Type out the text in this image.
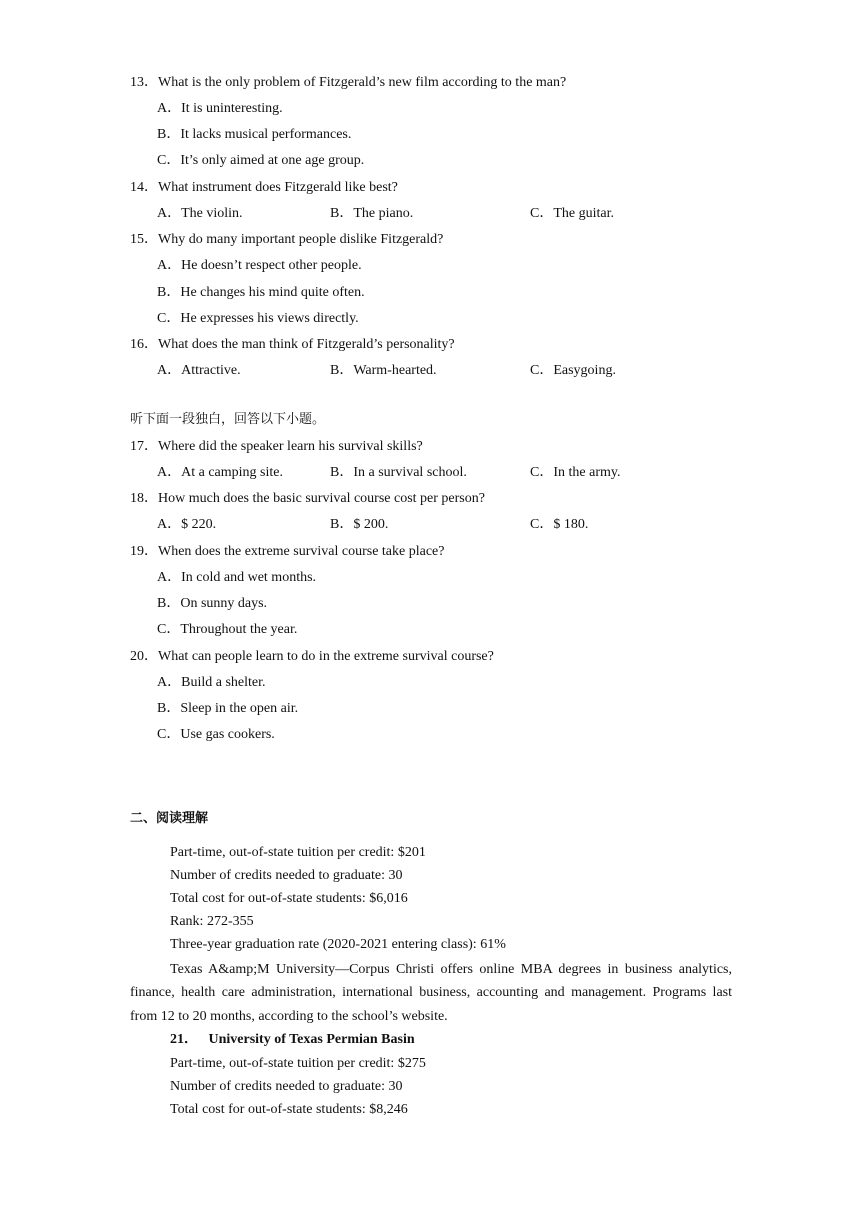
13．What is the only problem of Fitzgerald’s new film according to the man?
A．It is uninteresting.
B．It lacks musical performances.
C．It’s only aimed at one age group.
14．What instrument does Fitzgerald like best?
A．The violin.	B．The piano.	C．The guitar.
15．Why do many important people dislike Fitzgerald?
A．He doesn’t respect other people.
B．He changes his mind quite often.
C．He expresses his views directly.
16．What does the man think of Fitzgerald’s personality?
A．Attractive.	B．Warm-hearted.	C．Easygoing.
听下面一段独白，回答以下小题。
17．Where did the speaker learn his survival skills?
A．At a camping site.	B．In a survival school.	C．In the army.
18．How much does the basic survival course cost per person?
A．$ 220.	B．$ 200.	C．$ 180.
19．When does the extreme survival course take place?
A．In cold and wet months.
B．On sunny days.
C．Throughout the year.
20．What can people learn to do in the extreme survival course?
A．Build a shelter.
B．Sleep in the open air.
C．Use gas cookers.
二、阅读理解
Part-time, out-of-state tuition per credit: $201
Number of credits needed to graduate: 30
Total cost for out-of-state students: $6,016
Rank: 272-355
Three-year graduation rate (2020-2021 entering class): 61%
Texas A&amp;M University—Corpus Christi offers online MBA degrees in business analytics, finance, health care administration, international business, accounting and management. Programs last from 12 to 20 months, according to the school’s website.
21． University of Texas Permian Basin
Part-time, out-of-state tuition per credit: $275
Number of credits needed to graduate: 30
Total cost for out-of-state students: $8,246
